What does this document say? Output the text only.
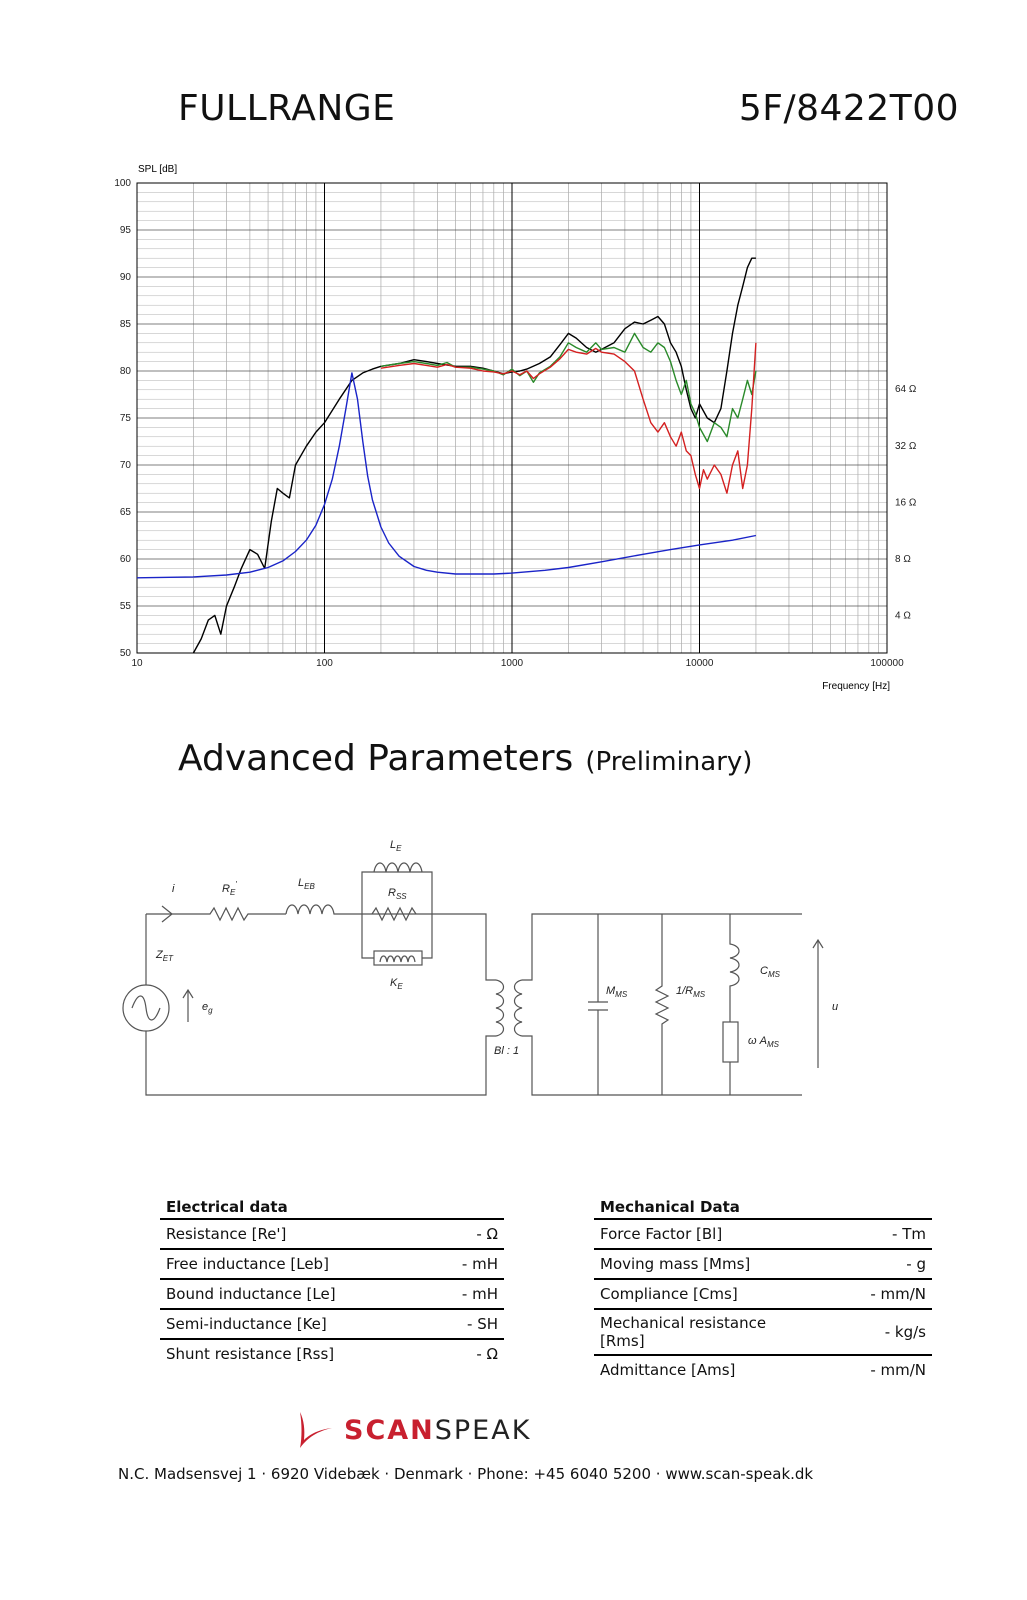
FULLRANGE	5F/8422T00
50
55
60
65
70
75
80
85
90
95
100
10	100	1000	10000	100000
64 Ω
32 Ω
16 Ω
8 Ω
4 Ω
SPL [dB]
Frequency [Hz]
Advanced Parameters (Preliminary)
i	$R_E'$	$L_{EB}$
$L_E$
$R_{SS}$
$K_E$
$Z_{ET}$
$e_g$
Bl : 1
$M_{MS}$	$1/R_{MS}$
$C_{MS}$
ω $A_{MS}$
u
Electrical data	
Resistance [Re']	- Ω
Free inductance [Leb]	- mH
Bound inductance [Le]	- mH
Semi-inductance [Ke]	- SH
Shunt resistance [Rss]	- Ω
Mechanical Data	
Force Factor [Bl]	- Tm
Moving mass [Mms]	- g
Compliance [Cms]	- mm/N
Mechanical resistance [Rms]	- kg/s
Admittance [Ams]	- mm/N
SCANSPEAK
N.C. Madsensvej 1 · 6920 Videbæk · Denmark · Phone: +45 6040 5200 · www.scan-speak.dk
